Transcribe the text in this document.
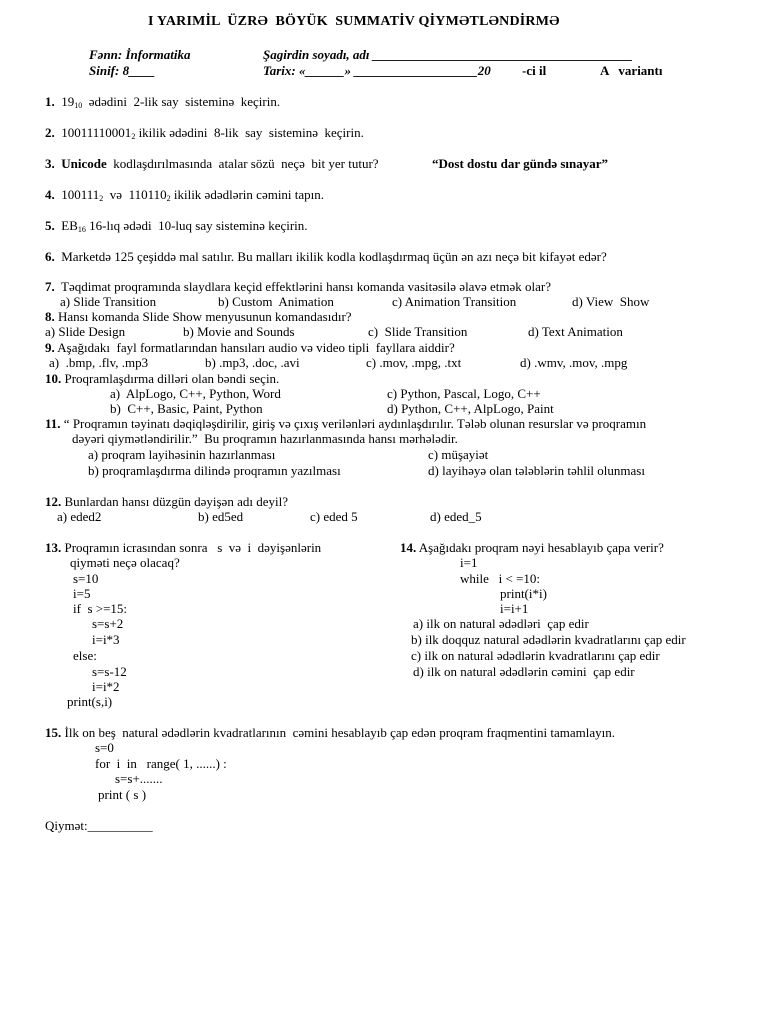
I YARIMİL  ÜZRƏ  BÖYÜK  SUMMATİV QİYMƏTLƏNDİRMƏ
Fənn: İnformatika	Şagirdin soyadı, adı ________________________________________
Sinif: 8____	Tarix: «______» ___________________20 -ci il	A   variantı
1. $19_{10}$  ədədini  2-lik say  sisteminə  keçirin.
2. $10011110001_2$ ikilik ədədini  8-lik  say  sisteminə  keçirin.
3. Unicode  kodlaşdırılmasında  atalar sözü  neçə  bit yer tutur?	“Dost dostu dar gündə sınayar”
4. $100111_2$  və  $110110_2$ ikilik ədədlərin cəmini tapın.
5. $EB_{16}$ 16-lıq ədədi  10-luq say sisteminə keçirin.
6. Marketdə 125 çeşiddə mal satılır. Bu malları ikilik kodla kodlaşdırmaq üçün ən azı neçə bit kifayət edər?
7.  Təqdimat proqramında slaydlara keçid effektlərini hansı komanda vasitəsilə əlavə etmək olar?
a) Slide Transition	b) Custom  Animation	c) Animation Transition	d) View  Show
8. Hansı komanda Slide Show menyusunun komandasıdır?
a) Slide Design	b) Movie and Sounds	c)  Slide Transition	d) Text Animation
9. Aşağıdakı  fayl formatlarından hansıları audio və video tipli  fayllara aiddir?
a)  .bmp, .flv, .mp3	b) .mp3, .doc, .avi	c) .mov, .mpg, .txt	d) .wmv, .mov, .mpg
10. Proqramlaşdırma dilləri olan bəndi seçin.
a)  AlpLogo, C++, Python, Word	c) Python, Pascal, Logo, C++
b)  C++, Basic, Paint, Python	d) Python, C++, AlpLogo, Paint
11. “ Proqramın təyinatı dəqiqləşdirilir, giriş və çıxış verilənləri aydınlaşdırılır. Tələb olunan resurslar və proqramın
dəyəri qiymətləndirilir.”  Bu proqramın hazırlanmasında hansı mərhələdir.
a) proqram layihəsinin hazırlanması	c) müşayiət
b) proqramlaşdırma dilində proqramın yazılması	d) layihəyə olan tələblərin təhlil olunması
12. Bunlardan hansı düzgün dəyişən adı deyil?
a) eded2	b) ed5ed	c) eded 5	d) eded_5
13. Proqramın icrasından sonra   s  və  i  dəyişənlərin
qiyməti neçə olacaq?
s=10
i=5
if  s >=15:
s=s+2
i=i*3
else:
s=s-12
i=i*2
print(s,i)
14. Aşağıdakı proqram nəyi hesablayıb çapa verir?
i=1
while   i < =10:
print(i*i)
i=i+1
a) ilk on natural ədədləri  çap edir
b) ilk doqquz natural ədədlərin kvadratlarını çap edir
c) ilk on natural ədədlərin kvadratlarını çap edir
d) ilk on natural ədədlərin cəmini  çap edir
15. İlk on beş  natural ədədlərin kvadratlarının  cəmini hesablayıb çap edən proqram fraqmentini tamamlayın.
s=0
for  i  in   range( 1, ......) :
s=s+.......
print ( s )
Qiymət:__________
